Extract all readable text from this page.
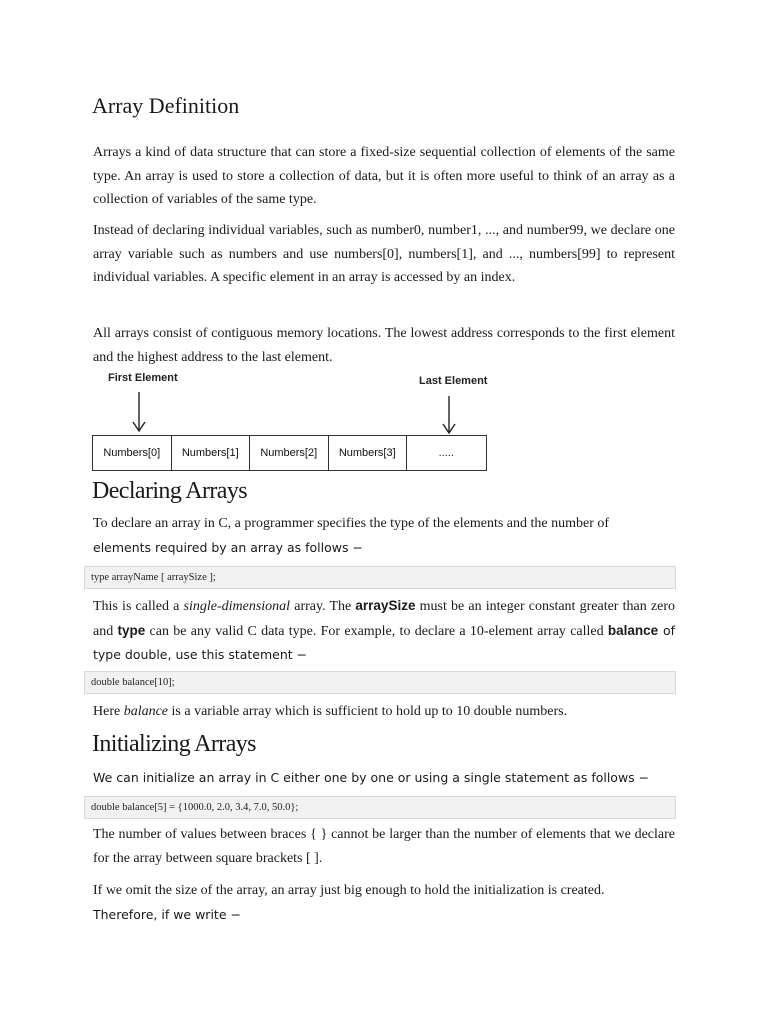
Array Definition

Arrays a kind of data structure that can store a fixed-size sequential collection of elements of the same type. An array is used to store a collection of data, but it is often more useful to think of an array as a collection of variables of the same type.

Instead of declaring individual variables, such as number0, number1, ..., and number99, we declare one array variable such as numbers and use numbers[0], numbers[1], and ..., numbers[99] to represent individual variables. A specific element in an array is accessed by an index.

All arrays consist of contiguous memory locations. The lowest address corresponds to the first element and the highest address to the last element.

First Element	Last Element
Numbers[0]	Numbers[1]	Numbers[2]	Numbers[3]	.....
Declaring Arrays

To declare an array in C, a programmer specifies the type of the elements and the number of
elements required by an array as follows −

type arrayName [ arraySize ];

This is called a single-dimensional array. The arraySize must be an integer constant greater than zero and type can be any valid C data type. For example, to declare a 10-element array called balance of type double, use this statement −

double balance[10];

Here balance is a variable array which is sufficient to hold up to 10 double numbers.

Initializing Arrays

We can initialize an array in C either one by one or using a single statement as follows −

double balance[5] = {1000.0, 2.0, 3.4, 7.0, 50.0};

The number of values between braces { } cannot be larger than the number of elements that we declare for the array between square brackets [ ].

If we omit the size of the array, an array just big enough to hold the initialization is created.
Therefore, if we write −
